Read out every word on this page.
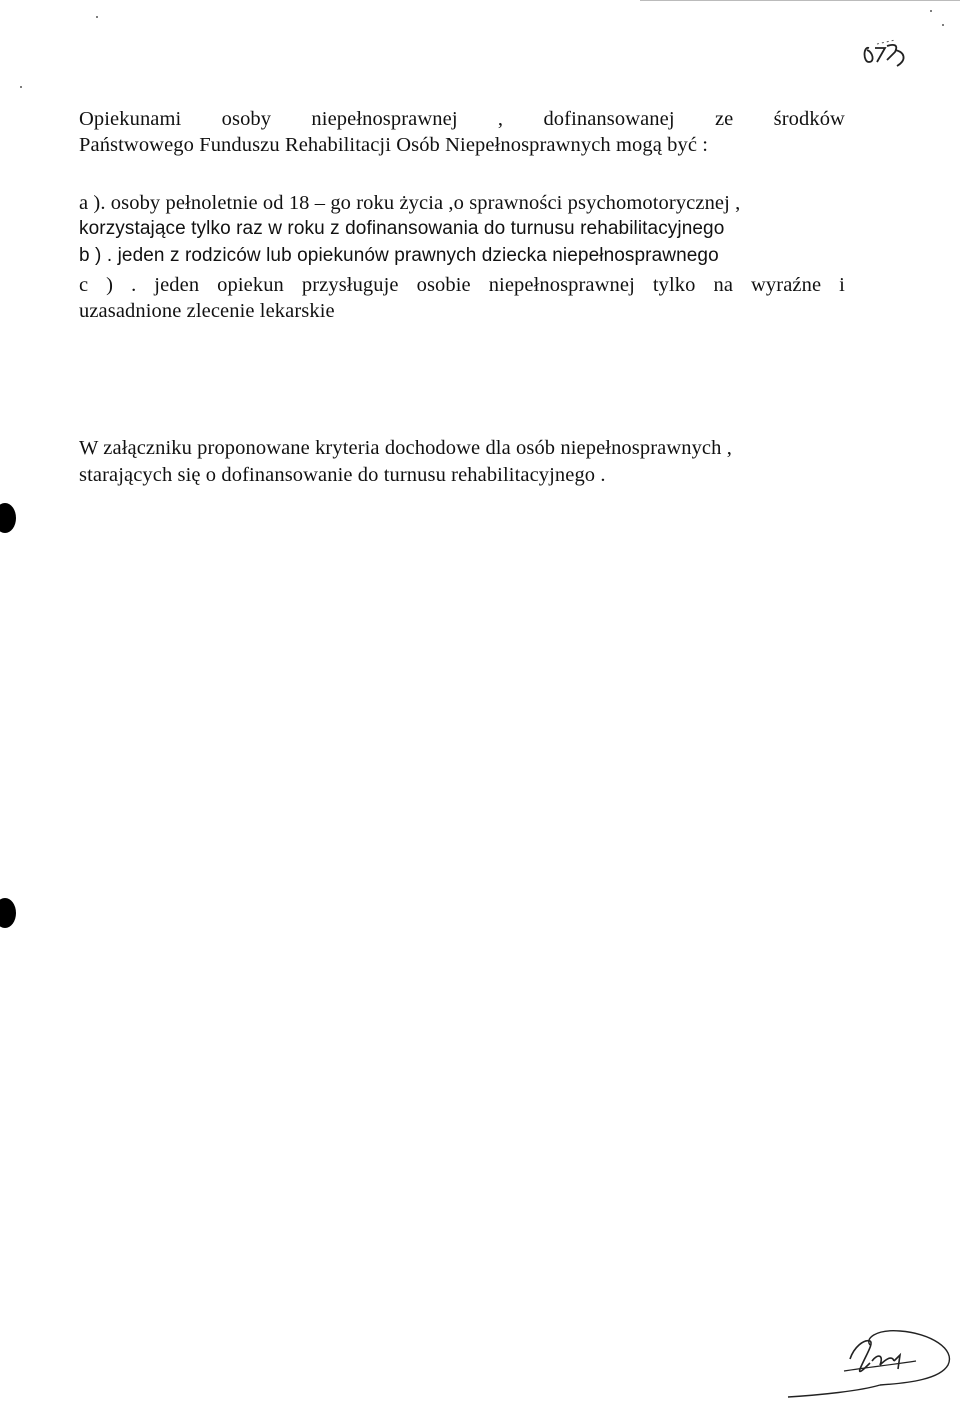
Opiekunami osoby niepełnosprawnej , dofinansowanej ze środków
Państwowego Funduszu Rehabilitacji Osób Niepełnosprawnych mogą być :
a ). osoby pełnoletnie od 18 – go roku życia ,o sprawności psychomotorycznej ,
korzystające tylko raz w roku z dofinansowania do turnusu rehabilitacyjnego
b ) . jeden z rodziców lub opiekunów prawnych dziecka niepełnosprawnego
c ) . jeden opiekun przysługuje osobie niepełnosprawnej tylko na wyraźne i
uzasadnione zlecenie lekarskie
W załączniku proponowane kryteria dochodowe dla osób niepełnosprawnych ,
starających się o dofinansowanie do turnusu rehabilitacyjnego .
